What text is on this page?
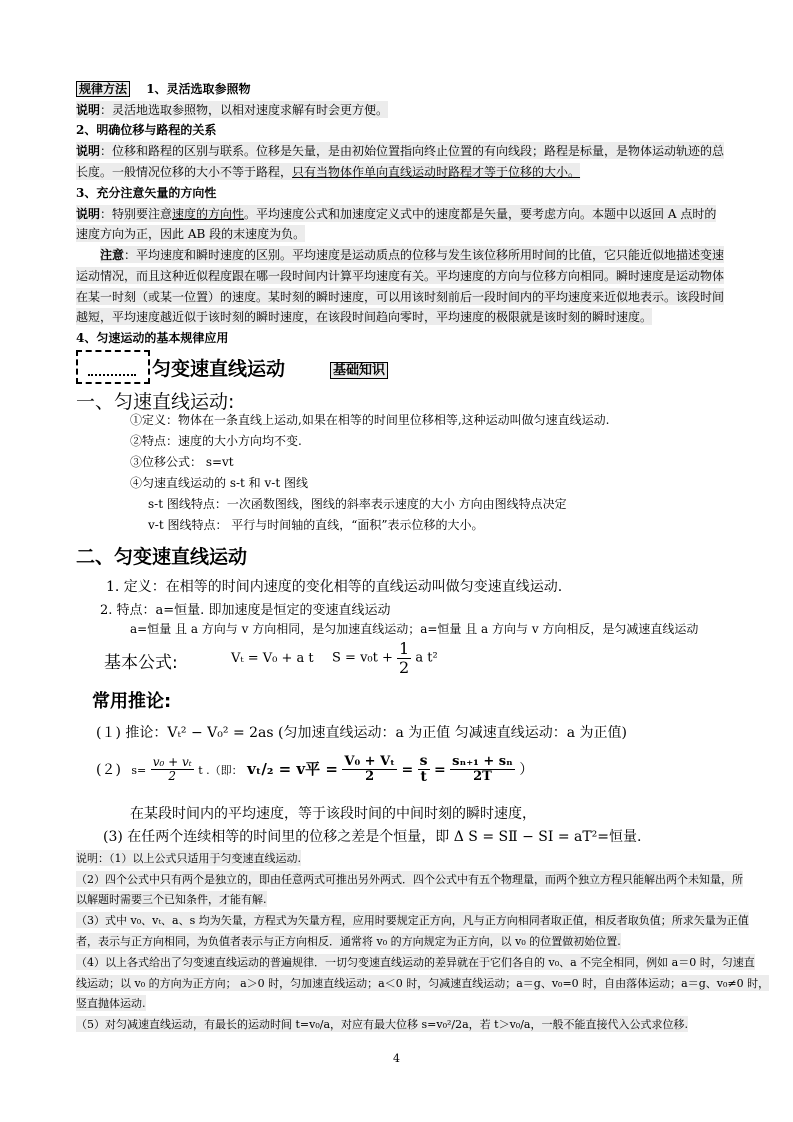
规律方法 1、灵活选取参照物
说明：灵活地选取参照物，以相对速度求解有时会更方便。
2、明确位移与路程的关系
说明：位移和路程的区别与联系。位移是矢量，是由初始位置指向终止位置的有向线段；路程是标量，是物体运动轨迹的总
长度。一般情况位移的大小不等于路程，只有当物体作单向直线运动时路程才等于位移的大小。
3、充分注意矢量的方向性
说明：特别要注意速度的方向性。平均速度公式和加速度定义式中的速度都是矢量，要考虑方向。本题中以返回 A 点时的
速度方向为正，因此 AB 段的末速度为负。
注意：平均速度和瞬时速度的区别。平均速度是运动质点的位移与发生该位移所用时间的比值，它只能近似地描述变速
运动情况，而且这种近似程度跟在哪一段时间内计算平均速度有关。平均速度的方向与位移方向相同。瞬时速度是运动物体
在某一时刻（或某一位置）的速度。某时刻的瞬时速度，可以用该时刻前后一段时间内的平均速度来近似地表示。该段时间
越短，平均速度越近似于该时刻的瞬时速度，在该段时间趋向零时，平均速度的极限就是该时刻的瞬时速度。
4、匀速运动的基本规律应用
匀变速直线运动	基础知识
一、匀速直线运动:
①定义：物体在一条直线上运动,如果在相等的时间里位移相等,这种运动叫做匀速直线运动.
②特点：速度的大小方向均不变.
③位移公式： s=vt
④匀速直线运动的 s-t 和 v-t 图线
s-t 图线特点：一次函数图线，图线的斜率表示速度的大小 方向由图线特点决定
v-t 图线特点： 平行与时间轴的直线，“面积”表示位移的大小。
二、匀变速直线运动
1. 定义：在相等的时间内速度的变化相等的直线运动叫做匀变速直线运动.
2. 特点：a=恒量. 即加速度是恒定的变速直线运动
a=恒量 且 a 方向与 v 方向相同，是匀加速直线运动；a=恒量 且 a 方向与 v 方向相反，是匀减速直线运动
基本公式:	Vₜ = V₀ + a t $S = v_0t + \frac{1}{2}$ a t²
常用推论:
(１) 推论：Vₜ² − V₀² = 2as (匀加速直线运动：a 为正值 匀减速直线运动：a 为正值)
(２) $s= \frac{\text{v₀ + vₜ}}{2}$ t .（即： vₜ/₂ = v平 = $\frac{\text{V₀ + Vₜ}}{2} = \frac{s}{t} = \frac{\text{sₙ₊₁ + sₙ}}{2T}$ ）
在某段时间内的平均速度，等于该段时间的中间时刻的瞬时速度，
(3) 在任两个连续相等的时间里的位移之差是个恒量，即 Δ S = SⅡ − SⅠ = aT²=恒量.
说明：（1）以上公式只适用于匀变速直线运动.
（2）四个公式中只有两个是独立的，即由任意两式可推出另外两式．四个公式中有五个物理量，而两个独立方程只能解出两个未知量，所
以解题时需要三个已知条件，才能有解.
（3）式中 v₀、vₜ、a、s 均为矢量，方程式为矢量方程，应用时要规定正方向，凡与正方向相同者取正值，相反者取负值；所求矢量为正值
者，表示与正方向相同，为负值者表示与正方向相反．通常将 v₀ 的方向规定为正方向，以 v₀ 的位置做初始位置.
（4）以上各式给出了匀变速直线运动的普遍规律．一切匀变速直线运动的差异就在于它们各自的 v₀、a 不完全相同，例如 a＝0 时，匀速直
线运动；以 v₀ 的方向为正方向； a＞0 时，匀加速直线运动；a＜0 时，匀减速直线运动；a＝g、v₀=0 时，自由落体运动；a＝g、v₀≠0 时，
竖直抛体运动.
（5）对匀减速直线运动，有最长的运动时间 t=v₀/a，对应有最大位移 s=v₀²/2a，若 t＞v₀/a，一般不能直接代入公式求位移.
4
